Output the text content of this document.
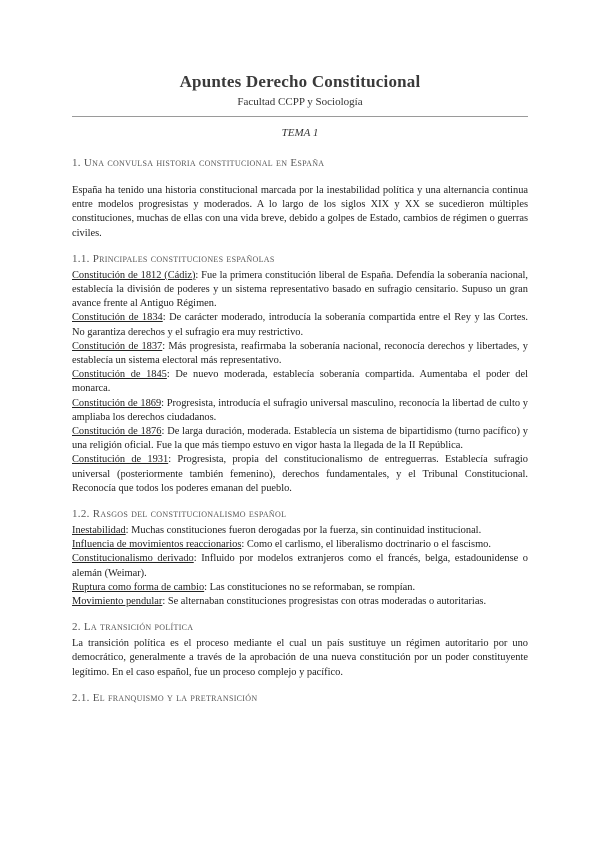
Apuntes Derecho Constitucional
Facultad CCPP y Sociología
TEMA 1
1. Una convulsa historia constitucional en España

España ha tenido una historia constitucional marcada por la inestabilidad política y una alternancia continua entre modelos progresistas y moderados. A lo largo de los siglos XIX y XX se sucedieron múltiples constituciones, muchas de ellas con una vida breve, debido a golpes de Estado, cambios de régimen o guerras civiles.

1.1. Principales constituciones españolas

Constitución de 1812 (Cádiz): Fue la primera constitución liberal de España. Defendía la soberanía nacional, establecía la división de poderes y un sistema representativo basado en sufragio censitario. Supuso un gran avance frente al Antiguo Régimen.

Constitución de 1834: De carácter moderado, introducía la soberanía compartida entre el Rey y las Cortes. No garantiza derechos y el sufragio era muy restrictivo.

Constitución de 1837: Más progresista, reafirmaba la soberanía nacional, reconocía derechos y libertades, y establecía un sistema electoral más representativo.

Constitución de 1845: De nuevo moderada, establecía soberanía compartida. Aumentaba el poder del monarca.

Constitución de 1869: Progresista, introducía el sufragio universal masculino, reconocía la libertad de culto y ampliaba los derechos ciudadanos.

Constitución de 1876: De larga duración, moderada. Establecía un sistema de bipartidismo (turno pacífico) y una religión oficial. Fue la que más tiempo estuvo en vigor hasta la llegada de la II República.

Constitución de 1931: Progresista, propia del constitucionalismo de entreguerras. Establecía sufragio universal (posteriormente también femenino), derechos fundamentales, y el Tribunal Constitucional. Reconocía que todos los poderes emanan del pueblo.

1.2. Rasgos del constitucionalismo español

Inestabilidad: Muchas constituciones fueron derogadas por la fuerza, sin continuidad institucional.

Influencia de movimientos reaccionarios: Como el carlismo, el liberalismo doctrinario o el fascismo.

Constitucionalismo derivado: Influido por modelos extranjeros como el francés, belga, estadounidense o alemán (Weimar).

Ruptura como forma de cambio: Las constituciones no se reformaban, se rompían.

Movimiento pendular: Se alternaban constituciones progresistas con otras moderadas o autoritarias.

2. La transición política

La transición política es el proceso mediante el cual un país sustituye un régimen autoritario por uno democrático, generalmente a través de la aprobación de una nueva constitución por un poder constituyente legítimo. En el caso español, fue un proceso complejo y pacífico.

2.1. El franquismo y la pretransición
